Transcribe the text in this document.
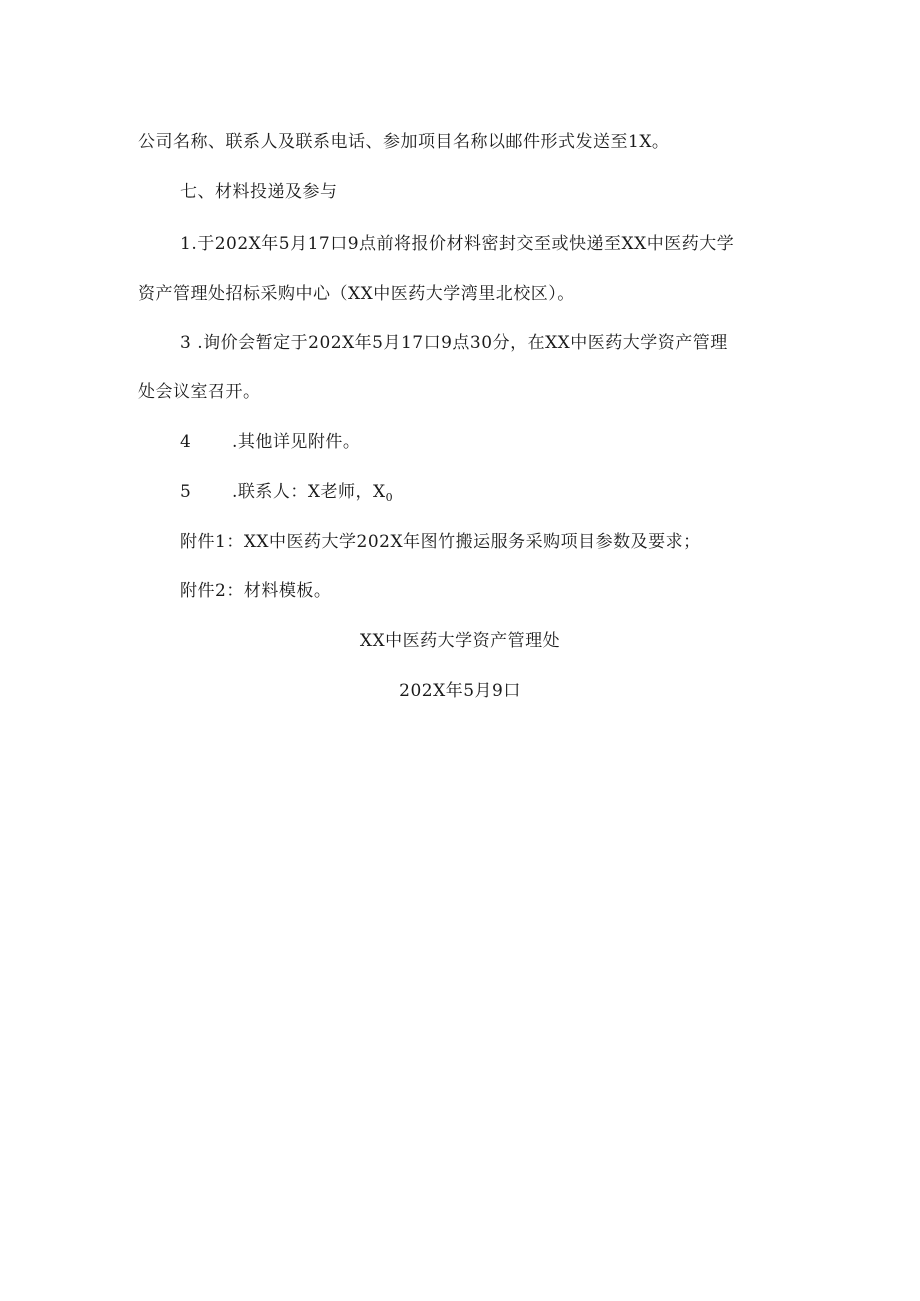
公司名称、联系人及联系电话、参加项目名称以邮件形式发送至1X。
七、材料投递及参与
1.于202X年5月17口9点前将报价材料密封交至或快递至XX中医药大学
资产管理处招标采购中心（XX中医药大学湾里北校区）。
3 .询价会暂定于202X年5月17口9点30分，在XX中医药大学资产管理
处会议室召开。
4 .其他详见附件。
5 .联系人：X老师，$X_0$
附件1：XX中医药大学202X年图竹搬运服务采购项目参数及要求；
附件2：材料模板。
XX中医药大学资产管理处
202X年5月9口
